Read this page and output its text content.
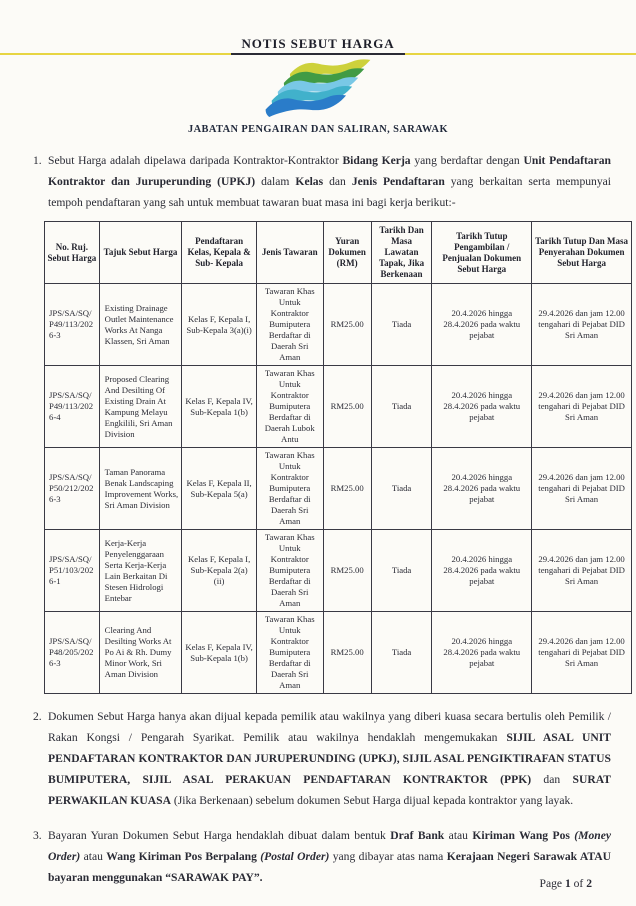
NOTIS SEBUT HARGA
JABATAN PENGAIRAN DAN SALIRAN, SARAWAK
1. Sebut Harga adalah dipelawa daripada Kontraktor-Kontraktor Bidang Kerja yang berdaftar dengan Unit Pendaftaran Kontraktor dan Juruperunding (UPKJ) dalam Kelas dan Jenis Pendaftaran yang berkaitan serta mempunyai tempoh pendaftaran yang sah untuk membuat tawaran buat masa ini bagi kerja berikut:-
No. Ruj. Sebut Harga	Tajuk Sebut Harga	Pendaftaran Kelas, Kepala & Sub- Kepala	Jenis Tawaran	Yuran Dokumen (RM)	Tarikh Dan Masa Lawatan Tapak, Jika Berkenaan	Tarikh Tutup Pengambilan / Penjualan Dokumen Sebut Harga	Tarikh Tutup Dan Masa Penyerahan Dokumen Sebut Harga
JPS/SA/SQ/P49/113/2026-3	Existing Drainage Outlet Maintenance Works At Nanga Klassen, Sri Aman	Kelas F, Kepala I, Sub-Kepala 3(a)(i)	Tawaran Khas Untuk Kontraktor Bumiputera Berdaftar di Daerah Sri Aman	RM25.00	Tiada	20.4.2026 hingga 28.4.2026 pada waktu pejabat	29.4.2026 dan jam 12.00 tengahari di Pejabat DID Sri Aman
JPS/SA/SQ/P49/113/2026-4	Proposed Clearing And Desilting Of Existing Drain At Kampung Melayu Engkilili, Sri Aman Division	Kelas F, Kepala IV, Sub-Kepala 1(b)	Tawaran Khas Untuk Kontraktor Bumiputera Berdaftar di Daerah Lubok Antu	RM25.00	Tiada	20.4.2026 hingga 28.4.2026 pada waktu pejabat	29.4.2026 dan jam 12.00 tengahari di Pejabat DID Sri Aman
JPS/SA/SQ/P50/212/2026-3	Taman Panorama Benak Landscaping Improvement Works, Sri Aman Division	Kelas F, Kepala II, Sub-Kepala 5(a)	Tawaran Khas Untuk Kontraktor Bumiputera Berdaftar di Daerah Sri Aman	RM25.00	Tiada	20.4.2026 hingga 28.4.2026 pada waktu pejabat	29.4.2026 dan jam 12.00 tengahari di Pejabat DID Sri Aman
JPS/SA/SQ/P51/103/2026-1	Kerja-Kerja Penyelenggaraan Serta Kerja-Kerja Lain Berkaitan Di Stesen Hidrologi Entebar	Kelas F, Kepala I, Sub-Kepala 2(a)(ii)	Tawaran Khas Untuk Kontraktor Bumiputera Berdaftar di Daerah Sri Aman	RM25.00	Tiada	20.4.2026 hingga 28.4.2026 pada waktu pejabat	29.4.2026 dan jam 12.00 tengahari di Pejabat DID Sri Aman
JPS/SA/SQ/P48/205/2026-3	Clearing And Desilting Works At Po Ai & Rh. Dumy Minor Work, Sri Aman Division	Kelas F, Kepala IV, Sub-Kepala 1(b)	Tawaran Khas Untuk Kontraktor Bumiputera Berdaftar di Daerah Sri Aman	RM25.00	Tiada	20.4.2026 hingga 28.4.2026 pada waktu pejabat	29.4.2026 dan jam 12.00 tengahari di Pejabat DID Sri Aman
2. Dokumen Sebut Harga hanya akan dijual kepada pemilik atau wakilnya yang diberi kuasa secara bertulis oleh Pemilik / Rakan Kongsi / Pengarah Syarikat. Pemilik atau wakilnya hendaklah mengemukakan SIJIL ASAL UNIT PENDAFTARAN KONTRAKTOR DAN JURUPERUNDING (UPKJ), SIJIL ASAL PENGIKTIRAFAN STATUS BUMIPUTERA, SIJIL ASAL PERAKUAN PENDAFTARAN KONTRAKTOR (PPK) dan SURAT PERWAKILAN KUASA (Jika Berkenaan) sebelum dokumen Sebut Harga dijual kepada kontraktor yang layak.
3. Bayaran Yuran Dokumen Sebut Harga hendaklah dibuat dalam bentuk Draf Bank atau Kiriman Wang Pos (Money Order) atau Wang Kiriman Pos Berpalang (Postal Order) yang dibayar atas nama Kerajaan Negeri Sarawak ATAU bayaran menggunakan “SARAWAK PAY”.	Page 1 of 2
